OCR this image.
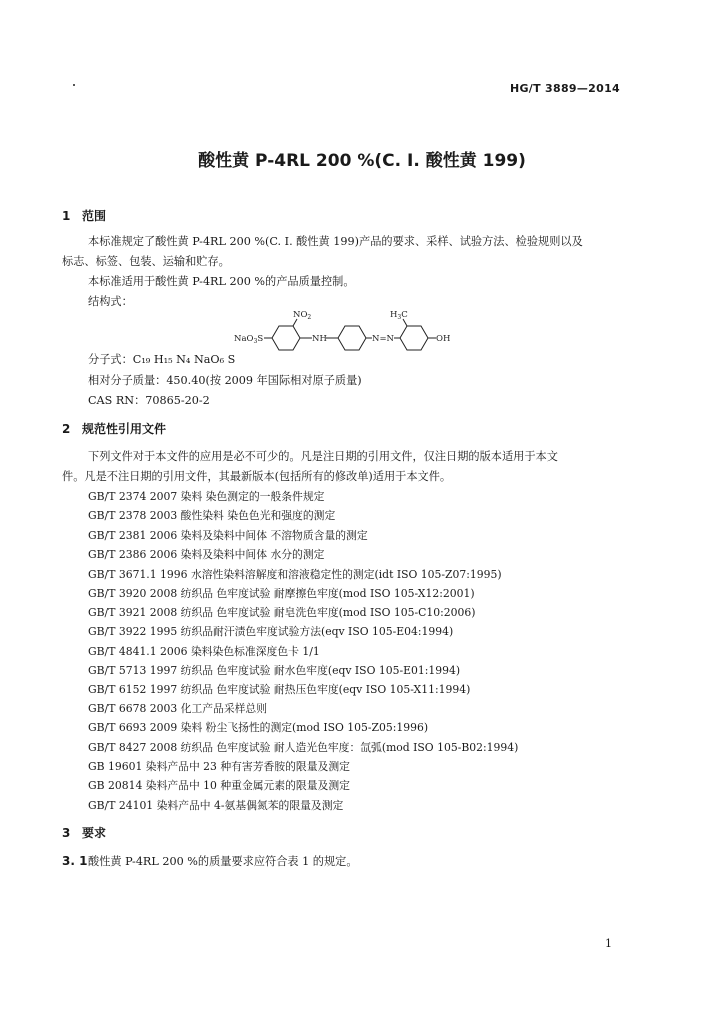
HG/T 3889—2014
酸性黄 P-4RL 200 %(C. I. 酸性黄 199)
1 范围
本标准规定了酸性黄 P-4RL 200 %(C. I. 酸性黄 199)产品的要求、采样、试验方法、检验规则以及
标志、标签、包装、运输和贮存。
本标准适用于酸性黄 P-4RL 200 %的产品质量控制。
结构式：
NaO$_3$S
$NO_2$
NH	N=N
$H_3C$
OH
分子式：C₁₉ H₁₅ N₄ NaO₆ S
相对分子质量：450.40(按 2009 年国际相对原子质量)
CAS RN：70865-20-2
2 规范性引用文件
下列文件对于本文件的应用是必不可少的。凡是注日期的引用文件，仅注日期的版本适用于本文
件。凡是不注日期的引用文件，其最新版本(包括所有的修改单)适用于本文件。
GB/T 2374 2007 染料 染色测定的一般条件规定
GB/T 2378 2003 酸性染料 染色色光和强度的测定
GB/T 2381 2006 染料及染料中间体 不溶物质含量的测定
GB/T 2386 2006 染料及染料中间体 水分的测定
GB/T 3671.1 1996 水溶性染料溶解度和溶液稳定性的测定(idt ISO 105-Z07:1995)
GB/T 3920 2008 纺织品 色牢度试验 耐摩擦色牢度(mod ISO 105-X12:2001)
GB/T 3921 2008 纺织品 色牢度试验 耐皂洗色牢度(mod ISO 105-C10:2006)
GB/T 3922 1995 纺织品耐汗渍色牢度试验方法(eqv ISO 105-E04:1994)
GB/T 4841.1 2006 染料染色标准深度色卡 1/1
GB/T 5713 1997 纺织品 色牢度试验 耐水色牢度(eqv ISO 105-E01:1994)
GB/T 6152 1997 纺织品 色牢度试验 耐热压色牢度(eqv ISO 105-X11:1994)
GB/T 6678 2003 化工产品采样总则
GB/T 6693 2009 染料 粉尘飞扬性的测定(mod ISO 105-Z05:1996)
GB/T 8427 2008 纺织品 色牢度试验 耐人造光色牢度：氙弧(mod ISO 105-B02:1994)
GB 19601 染料产品中 23 种有害芳香胺的限量及测定
GB 20814 染料产品中 10 种重金属元素的限量及测定
GB/T 24101 染料产品中 4-氨基偶氮苯的限量及测定
3 要求
3. 1酸性黄 P-4RL 200 %的质量要求应符合表 1 的规定。
1
